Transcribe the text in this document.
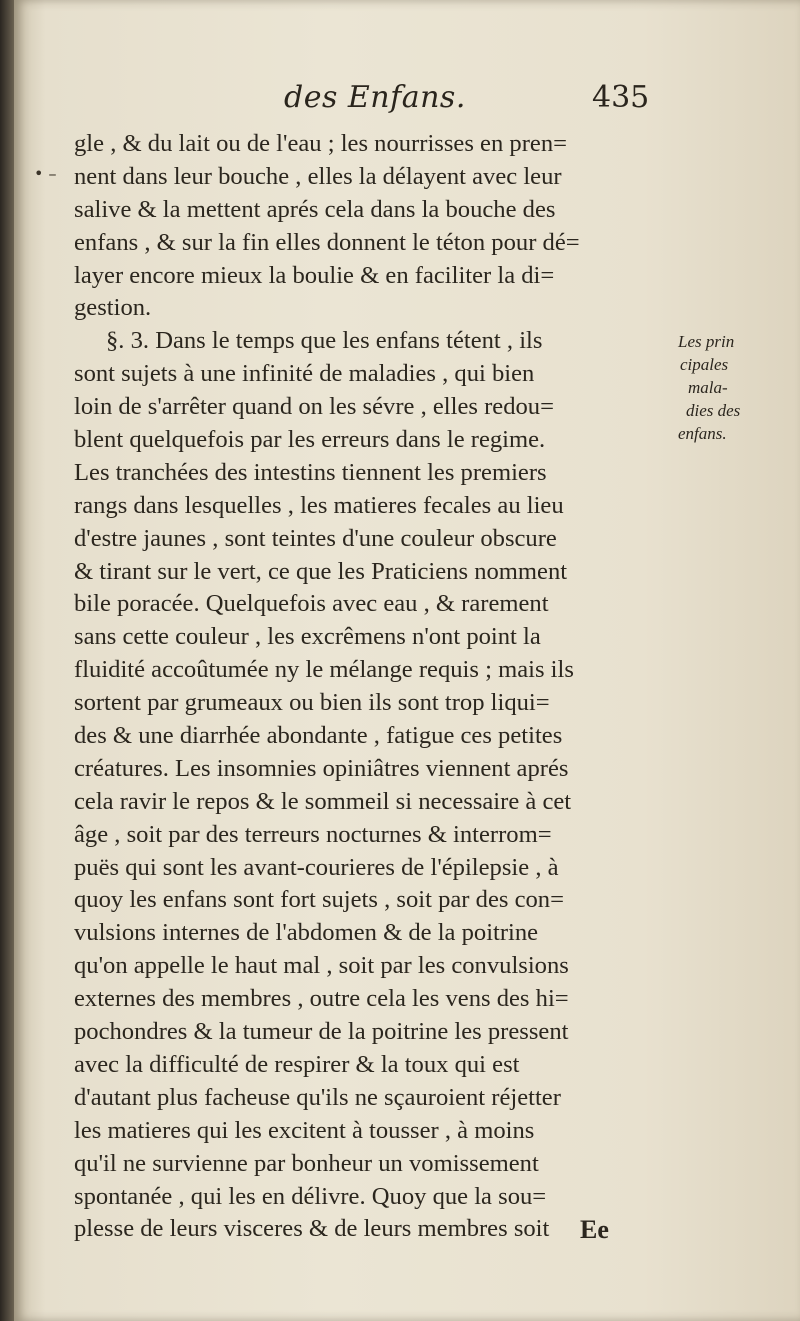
des Enfans.	435
• –
gle , & du lait ou de l'eau ; les nourrisses en pren=
nent dans leur bouche , elles la délayent avec leur
salive & la mettent aprés cela dans la bouche des
enfans , & sur la fin elles donnent le téton pour dé=
layer encore mieux la boulie & en faciliter la di=
gestion.
§. 3. Dans le temps que les enfans tétent , ils
sont sujets à une infinité de maladies , qui bien
loin de s'arrêter quand on les sévre , elles redou=
blent quelquefois par les erreurs dans le regime.
Les tranchées des intestins tiennent les premiers
rangs dans lesquelles , les matieres fecales au lieu
d'estre jaunes , sont teintes d'une couleur obscure
& tirant sur le vert, ce que les Praticiens nomment
bile poracée. Quelquefois avec eau , & rarement
sans cette couleur , les excrêmens n'ont point la
fluidité accoûtumée ny le mélange requis ; mais ils
sortent par grumeaux ou bien ils sont trop liqui=
des & une diarrhée abondante , fatigue ces petites
créatures. Les insomnies opiniâtres viennent aprés
cela ravir le repos & le sommeil si necessaire à cet
âge , soit par des terreurs nocturnes & interrom=
puës qui sont les avant-courieres de l'épilepsie , à
quoy les enfans sont fort sujets , soit par des con=
vulsions internes de l'abdomen & de la poitrine
qu'on appelle le haut mal , soit par les convulsions
externes des membres , outre cela les vens des hi=
pochondres & la tumeur de la poitrine les pressent
avec la difficulté de respirer & la toux qui est
d'autant plus facheuse qu'ils ne sçauroient réjetter
les matieres qui les excitent à tousser , à moins
qu'il ne survienne par bonheur un vomissement
spontanée , qui les en délivre. Quoy que la sou=
plesse de leurs visceres & de leurs membres soit
Les prin
cipales
mala-
dies des
enfans.
Ee
